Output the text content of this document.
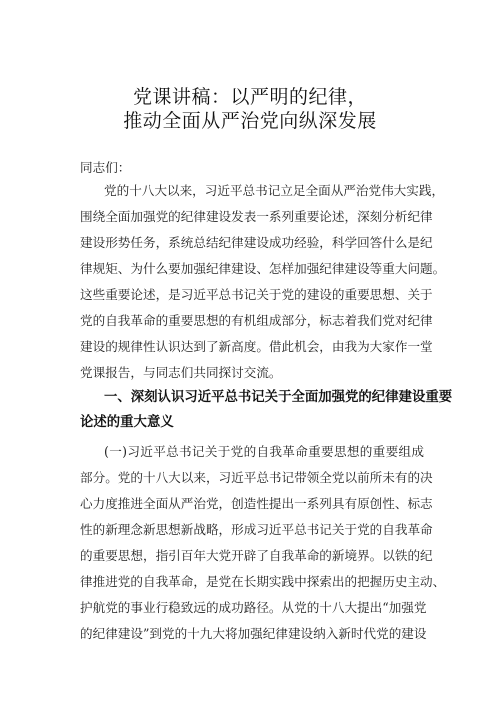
党课讲稿：以严明的纪律，
推动全面从严治党向纵深发展
同志们：
党的十八大以来，习近平总书记立足全面从严治党伟大实践，
围绕全面加强党的纪律建设发表一系列重要论述，深刻分析纪律
建设形势任务，系统总结纪律建设成功经验，科学回答什么是纪
律规矩、为什么要加强纪律建设、怎样加强纪律建设等重大问题。
这些重要论述，是习近平总书记关于党的建设的重要思想、关于
党的自我革命的重要思想的有机组成部分，标志着我们党对纪律
建设的规律性认识达到了新高度。借此机会，由我为大家作一堂
党课报告，与同志们共同探讨交流。
一、深刻认识习近平总书记关于全面加强党的纪律建设重要
论述的重大意义
(一)习近平总书记关于党的自我革命重要思想的重要组成
部分。党的十八大以来，习近平总书记带领全党以前所未有的决
心力度推进全面从严治党，创造性提出一系列具有原创性、标志
性的新理念新思想新战略，形成习近平总书记关于党的自我革命
的重要思想，指引百年大党开辟了自我革命的新境界。以铁的纪
律推进党的自我革命，是党在长期实践中探索出的把握历史主动、
护航党的事业行稳致远的成功路径。从党的十八大提出“加强党
的纪律建设”到党的十九大将加强纪律建设纳入新时代党的建设
